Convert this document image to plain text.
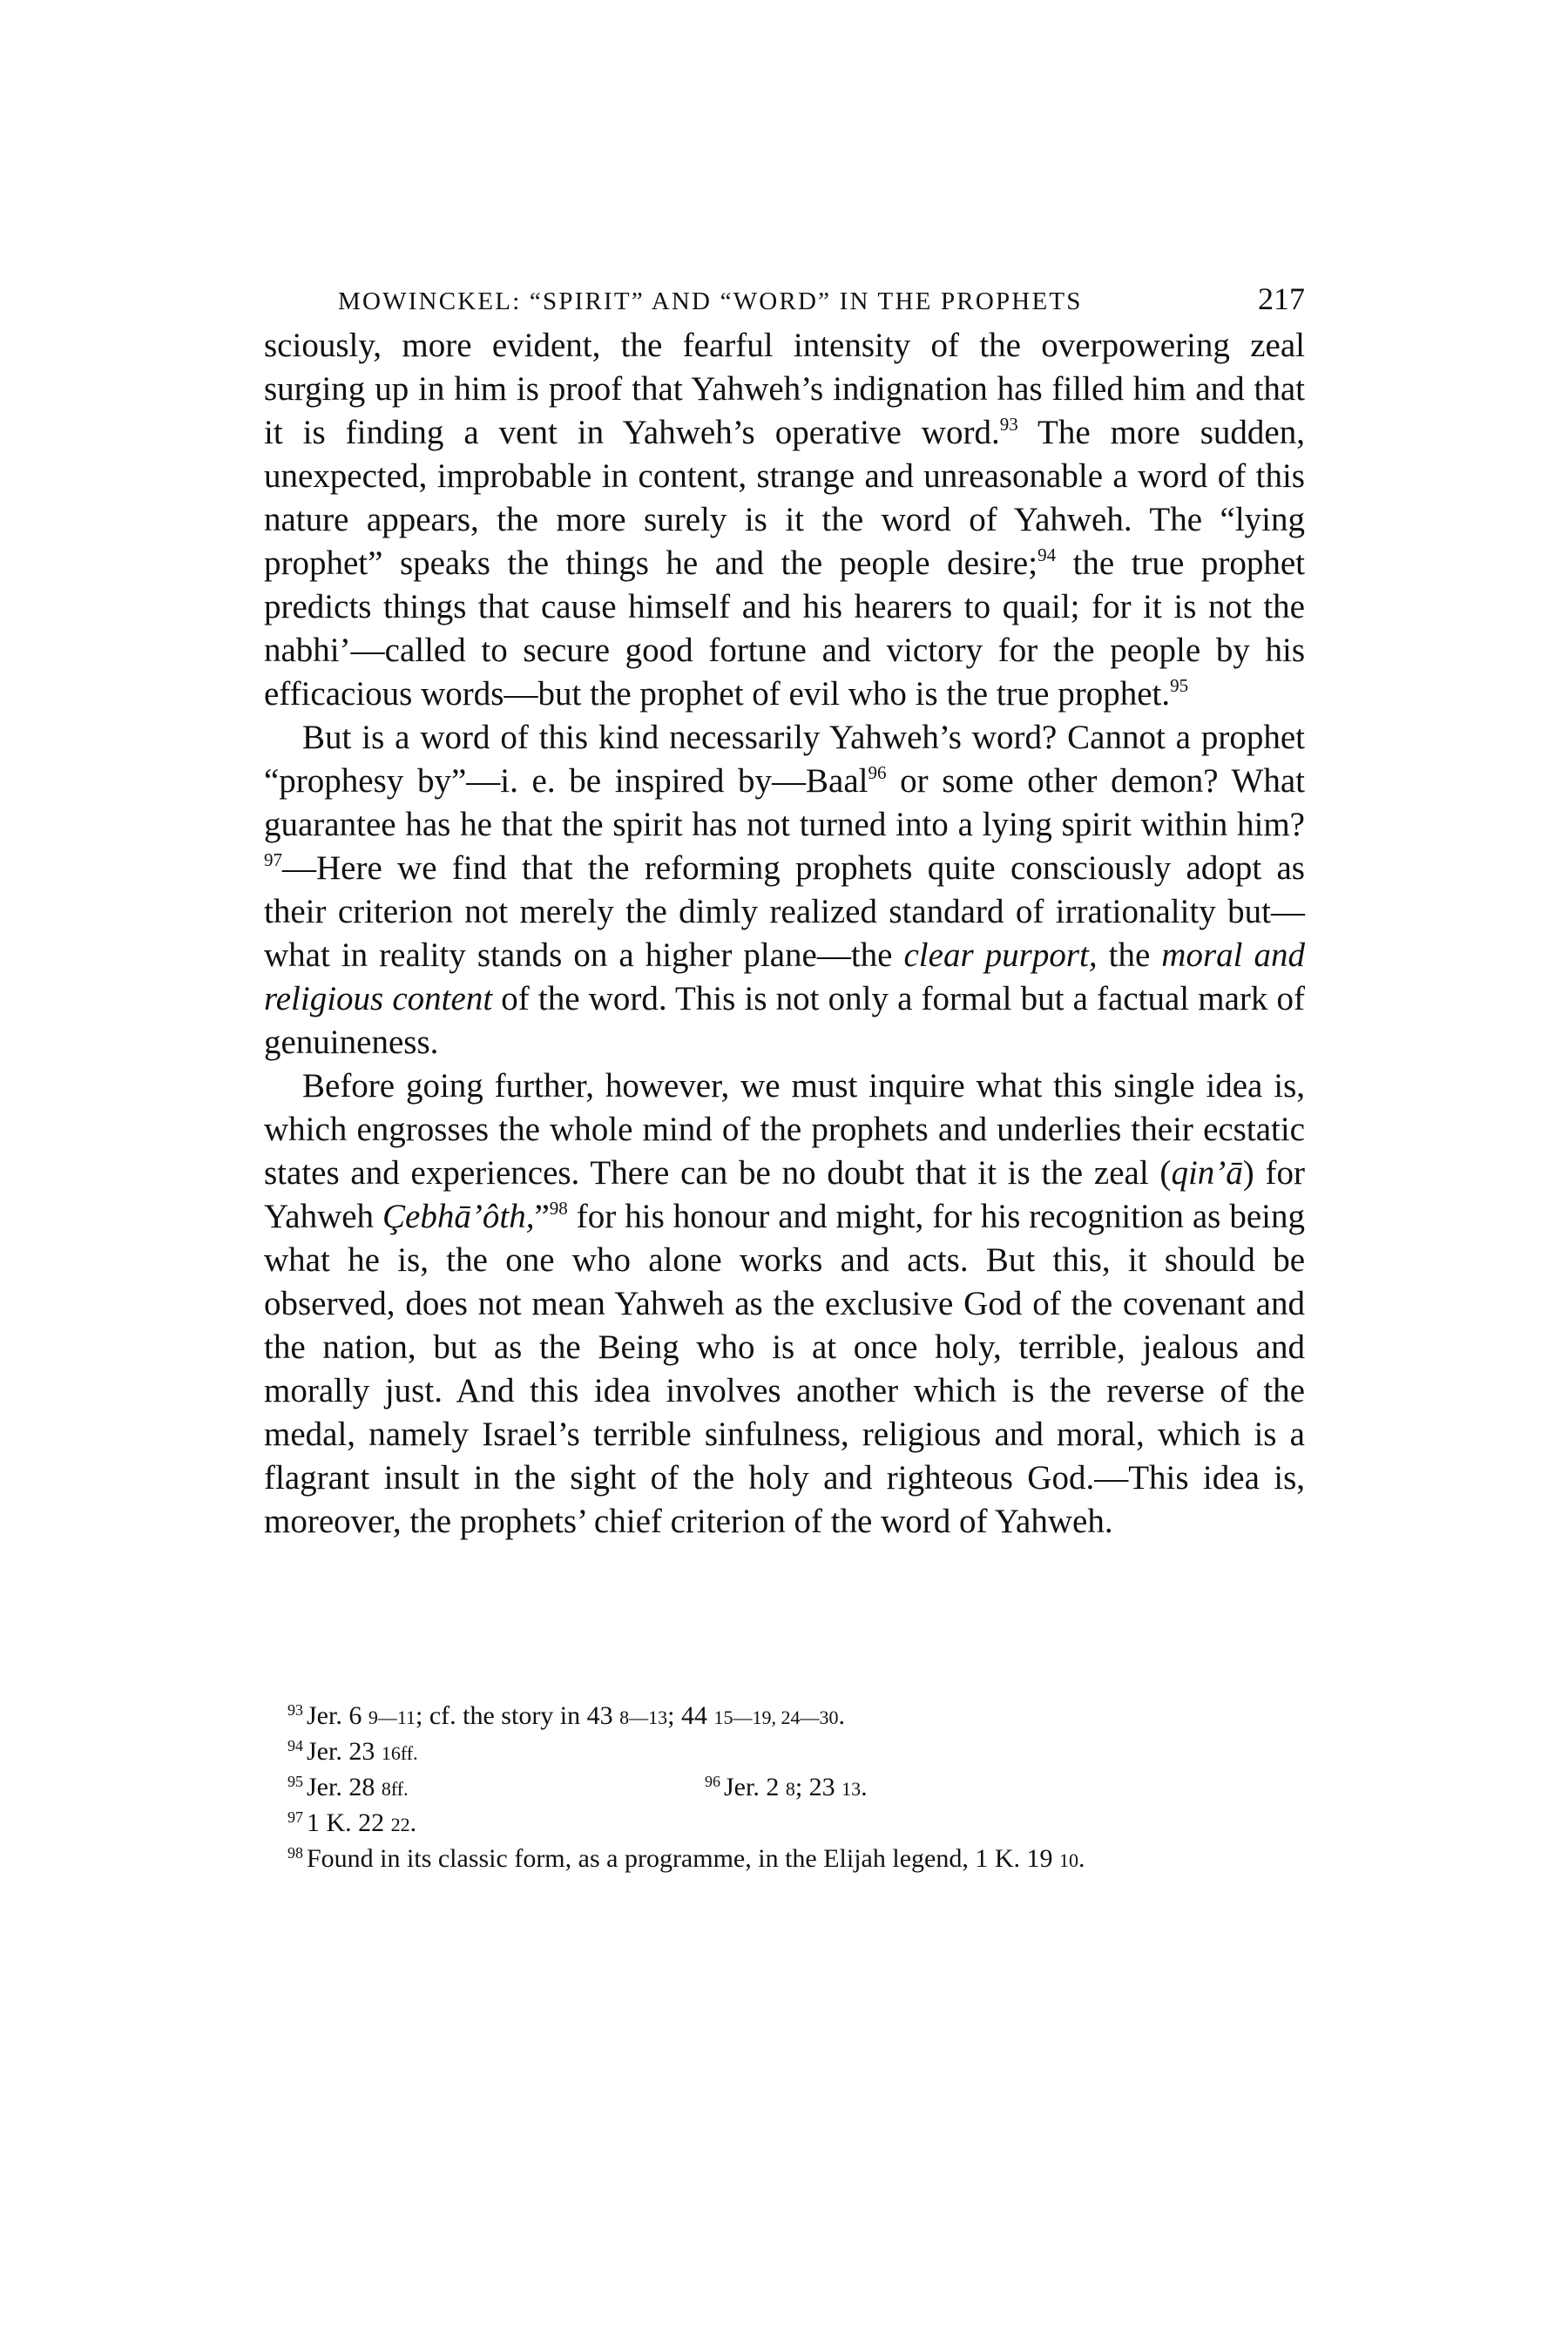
MOWINCKEL: “SPIRIT” AND “WORD” IN THE PROPHETS	217

sciously, more evident, the fearful intensity of the overpowering zeal surging up in him is proof that Yahweh’s indignation has filled him and that it is finding a vent in Yahweh’s operative word.$^{93}$ The more sudden, unexpected, improbable in content, strange and unreasonable a word of this nature appears, the more surely is it the word of Yahweh. The “lying prophet” speaks the things he and the people desire;$^{94}$ the true prophet predicts things that cause himself and his hearers to quail; for it is not the nabhi’—called to secure good fortune and victory for the people by his efficacious words—but the prophet of evil who is the true prophet.$^{95}$

But is a word of this kind necessarily Yahweh’s word? Cannot a prophet “prophesy by”—i. e. be inspired by—Baal$^{96}$ or some other demon? What guarantee has he that the spirit has not turned into a lying spirit within him?$^{97}$—Here we find that the reforming prophets quite consciously adopt as their criterion not merely the dimly realized standard of irrationality but—what in reality stands on a higher plane—the clear purport, the moral and religious content of the word. This is not only a formal but a factual mark of genuineness.

Before going further, however, we must inquire what this single idea is, which engrosses the whole mind of the prophets and underlies their ecstatic states and experiences. There can be no doubt that it is the zeal (qin’ā) for Yahweh Çebhā’ôth,”$^{98}$ for his honour and might, for his recognition as being what he is, the one who alone works and acts. But this, it should be observed, does not mean Yahweh as the exclusive God of the covenant and the nation, but as the Being who is at once holy, terrible, jealous and morally just. And this idea involves another which is the reverse of the medal, namely Israel’s terrible sinfulness, religious and moral, which is a flagrant insult in the sight of the holy and righteous God.—This idea is, moreover, the prophets’ chief criterion of the word of Yahweh.

93 Jer. 6 9—11; cf. the story in 43 8—13; 44 15—19, 24—30.
94 Jer. 23 16ff.
95 Jer. 28 8ff.	96 Jer. 2 8; 23 13.
97 1 K. 22 22.
98 Found in its classic form, as a programme, in the Elijah legend, 1 K. 19 10.
